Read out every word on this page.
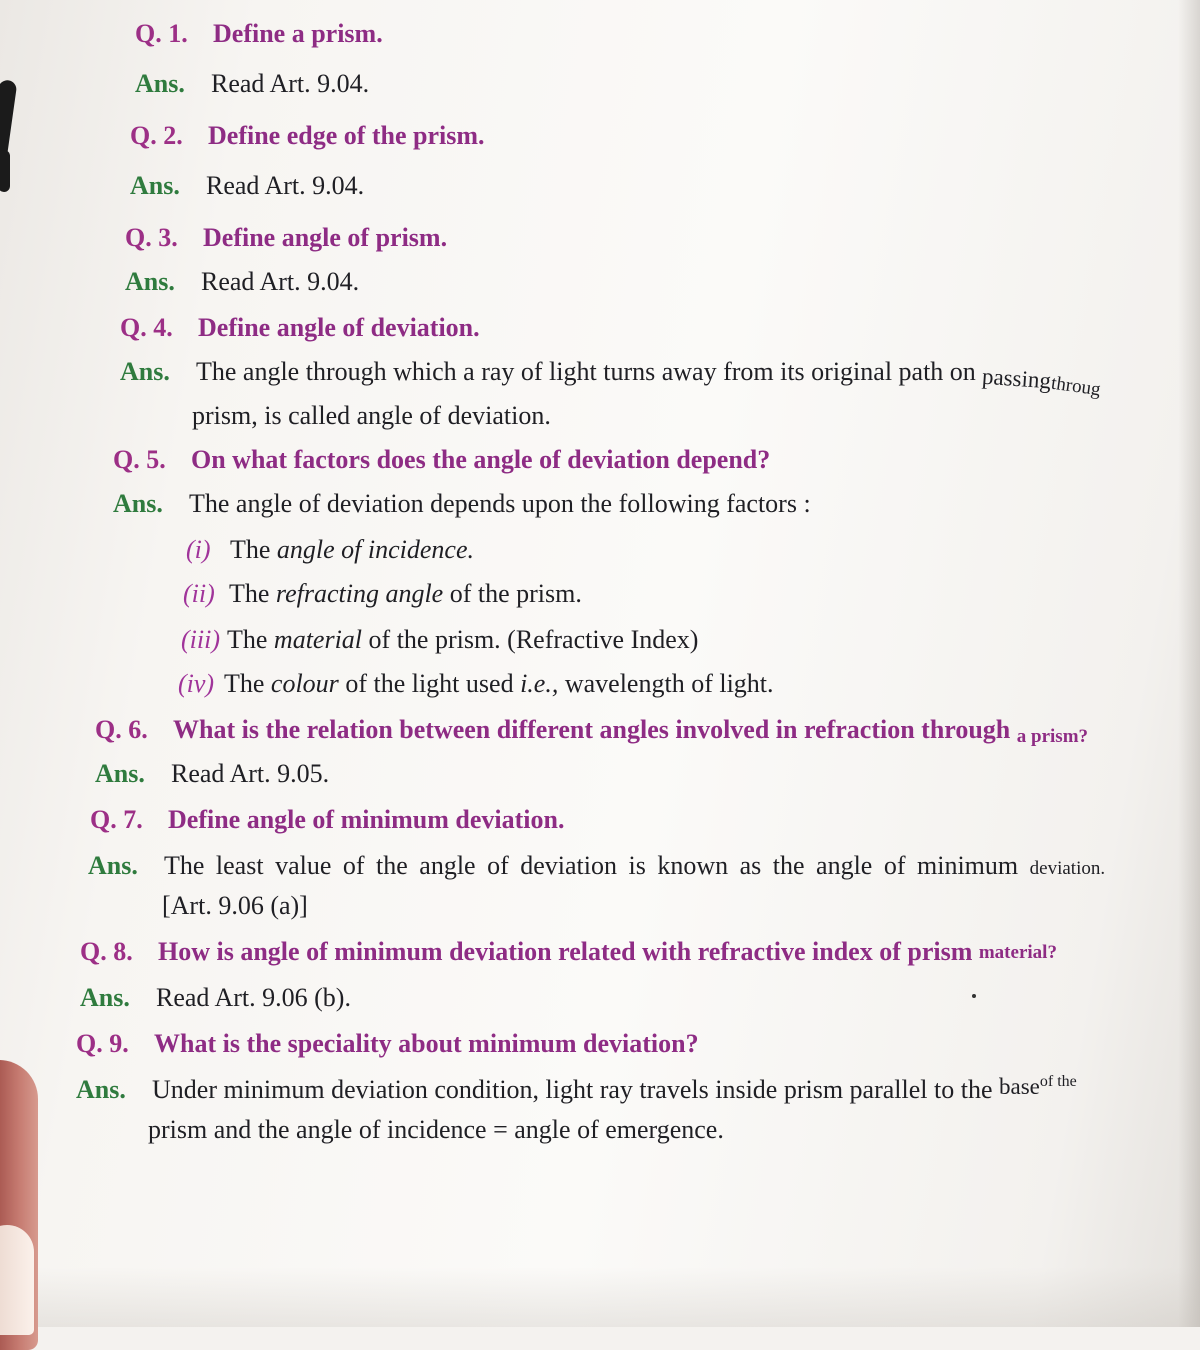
Q. 1. Define a prism.
Ans. Read Art. 9.04.
Q. 2. Define edge of the prism.
Ans. Read Art. 9.04.
Q. 3. Define angle of prism.
Ans. Read Art. 9.04.
Q. 4. Define angle of deviation.
Ans. The angle through which a ray of light turns away from its original path on passingthroug
prism, is called angle of deviation.
Q. 5. On what factors does the angle of deviation depend?
Ans. The angle of deviation depends upon the following factors :
(i) The angle of incidence.
(ii) The refracting angle of the prism.
(iii) The material of the prism. (Refractive Index)
(iv) The colour of the light used i.e., wavelength of light.
Q. 6. What is the relation between different angles involved in refraction through a prism?
Ans. Read Art. 9.05.
Q. 7. Define angle of minimum deviation.
Ans. The least value of the angle of deviation is known as the angle of minimum deviation.
[Art. 9.06 (a)]
Q. 8. How is angle of minimum deviation related with refractive index of prism material?
Ans. Read Art. 9.06 (b).
Q. 9. What is the speciality about minimum deviation?
Ans. Under minimum deviation condition, light ray travels inside prism parallel to the baseof the
prism and the angle of incidence = angle of emergence.
